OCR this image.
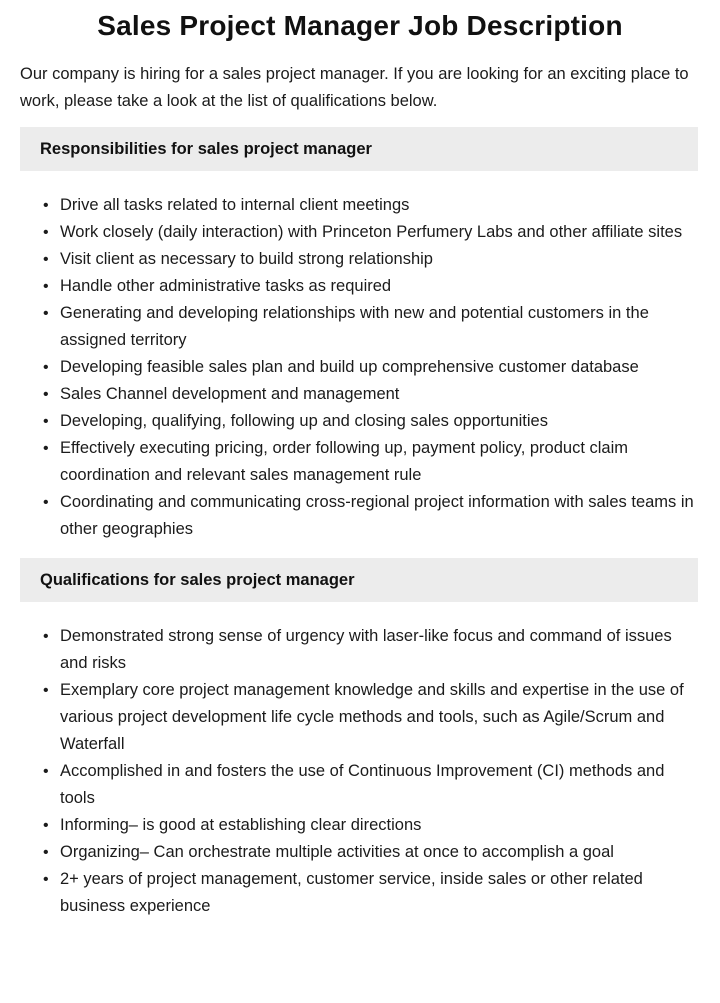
Sales Project Manager Job Description

Our company is hiring for a sales project manager. If you are looking for an exciting place to work, please take a look at the list of qualifications below.

Responsibilities for sales project manager
• Drive all tasks related to internal client meetings
• Work closely (daily interaction) with Princeton Perfumery Labs and other affiliate sites
• Visit client as necessary to build strong relationship
• Handle other administrative tasks as required
• Generating and developing relationships with new and potential customers in the assigned territory
• Developing feasible sales plan and build up comprehensive customer database
• Sales Channel development and management
• Developing, qualifying, following up and closing sales opportunities
• Effectively executing pricing, order following up, payment policy, product claim coordination and relevant sales management rule
• Coordinating and communicating cross-regional project information with sales teams in other geographies
Qualifications for sales project manager
• Demonstrated strong sense of urgency with laser-like focus and command of issues and risks
• Exemplary core project management knowledge and skills and expertise in the use of various project development life cycle methods and tools, such as Agile/Scrum and Waterfall
• Accomplished in and fosters the use of Continuous Improvement (CI) methods and tools
• Informing– is good at establishing clear directions
• Organizing– Can orchestrate multiple activities at once to accomplish a goal
• 2+ years of project management, customer service, inside sales or other related business experience
